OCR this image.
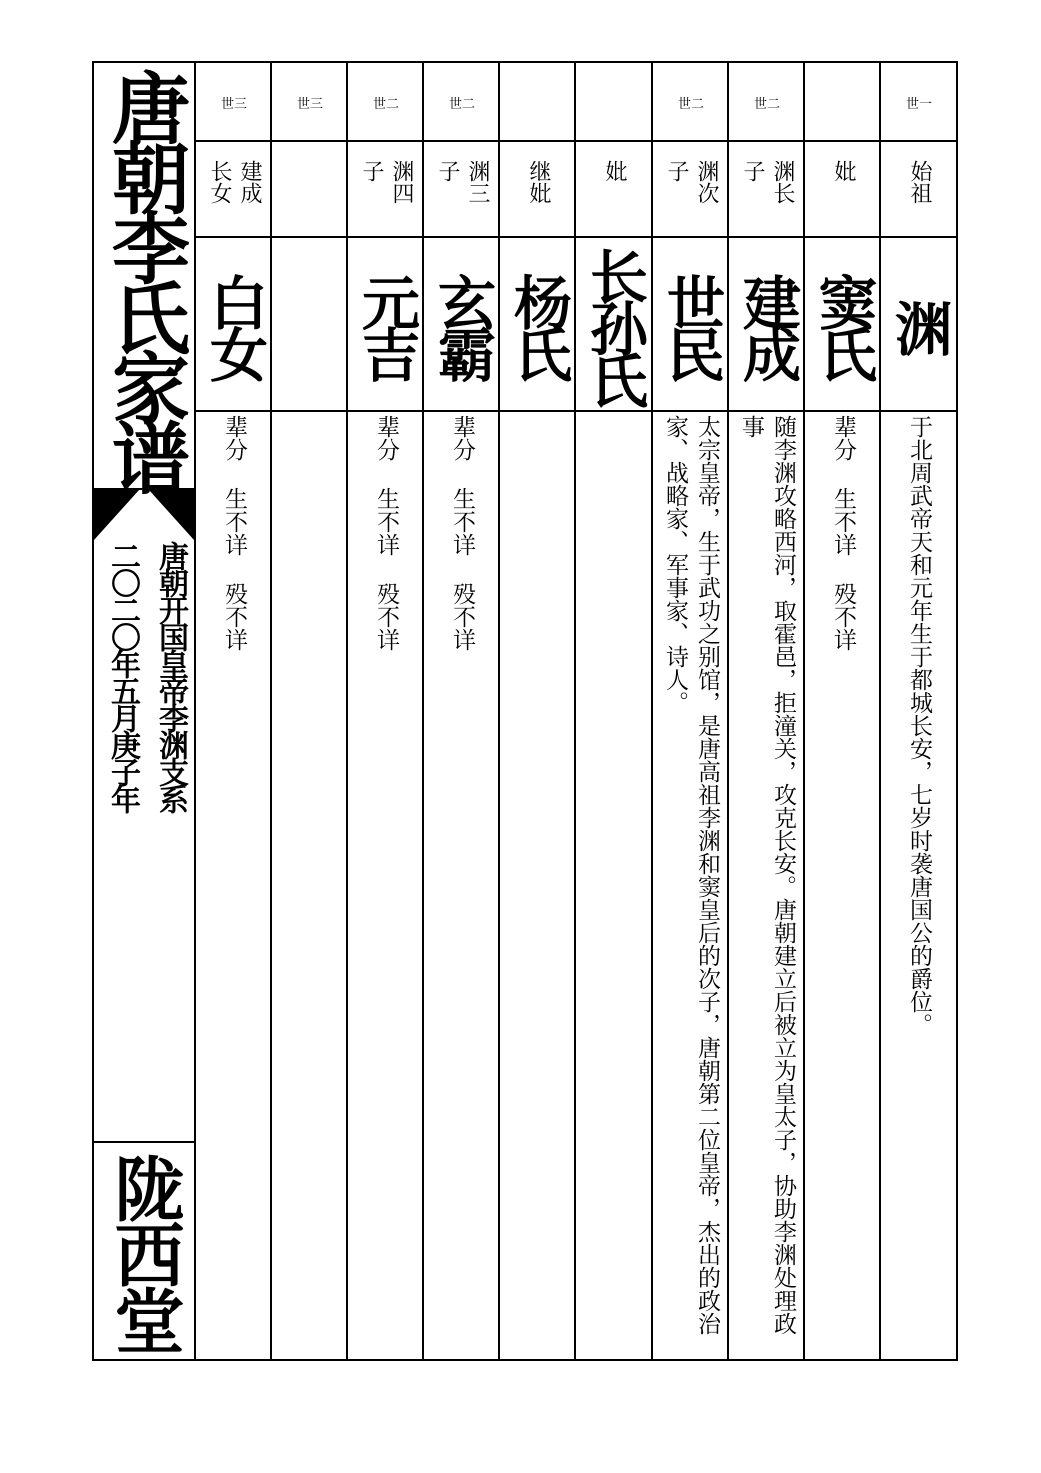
唐朝李氏家谱
唐朝开国皇帝李渊支系
二〇二〇年五月庚子年
陇西堂
世一
始祖
渊
于北周武帝天和元年生于都城长安，七岁时袭唐国公的爵位。
妣
窦氏
辈分 生不详 殁不详
世二
渊长子
建成
随李渊攻略西河，取霍邑，拒潼关，攻克长安。唐朝建立后被立为皇太子，协助李渊处理政事
世二
渊次子
世民
太宗皇帝，生于武功之别馆，是唐高祖李渊和窦皇后的次子，唐朝第二位皇帝，杰出的政治家、战略家、军事家、诗人。
妣
长孙氏
继妣
杨氏
世二
渊三子
玄霸
辈分 生不详 殁不详
世二
渊四子
元吉
辈分 生不详 殁不详
世三
世三
建成长女
白女
辈分 生不详 殁不详
